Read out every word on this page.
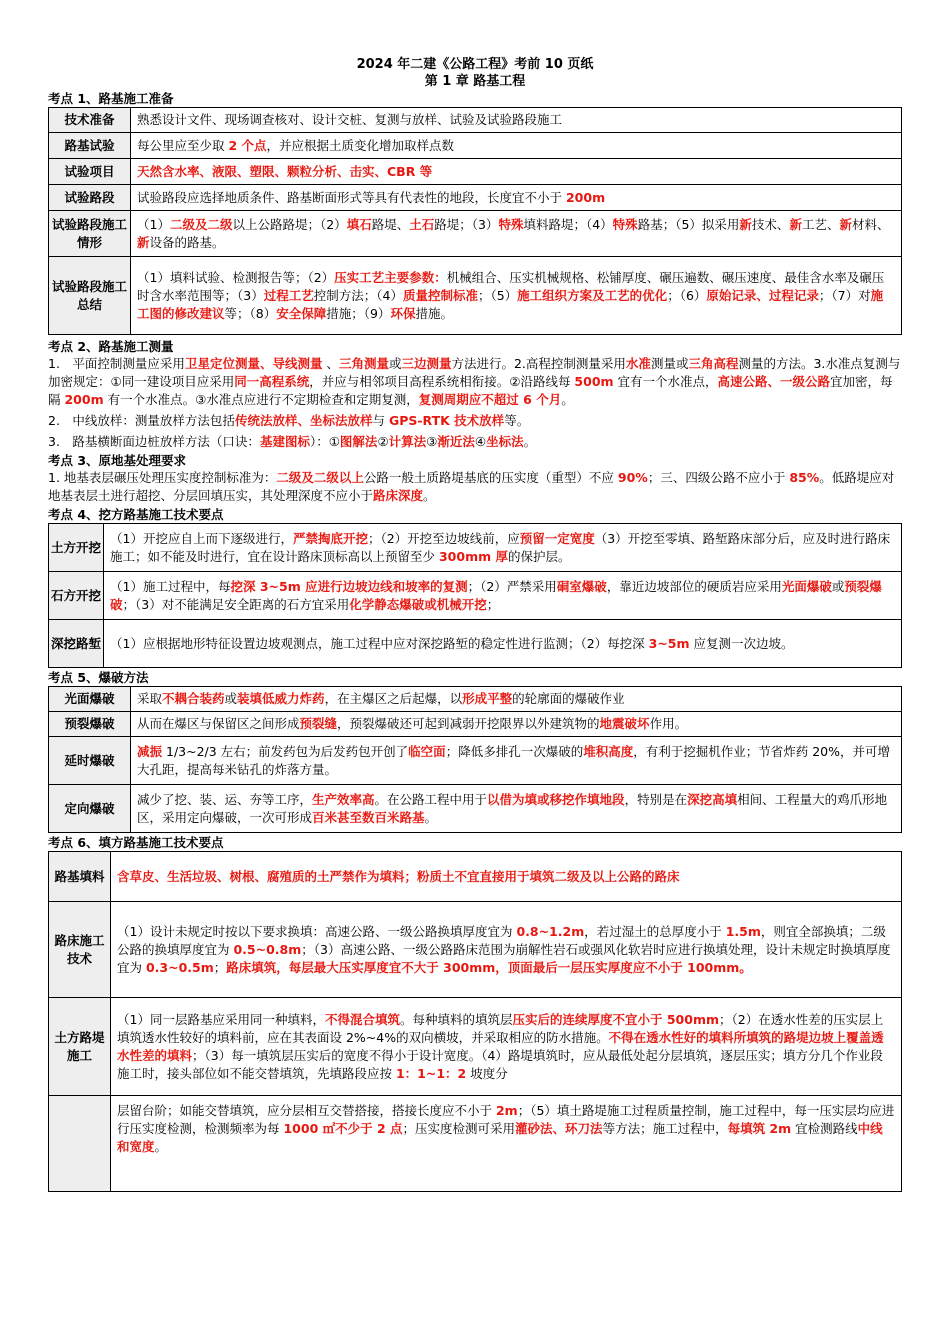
2024 年二建《公路工程》考前 10 页纸
第 1 章 路基工程
考点 1、路基施工准备
技术准备	熟悉设计文件、现场调查核对、设计交桩、复测与放样、试验及试验路段施工
路基试验	每公里应至少取 2 个点，并应根据土质变化增加取样点数
试验项目	天然含水率、液限、塑限、颗粒分析、击实、CBR 等
试验路段	试验路段应选择地质条件、路基断面形式等具有代表性的地段，长度宜不小于 200m
试验路段施工情形	（1）二级及二级以上公路路堤；（2）填石路堤、土石路堤；（3）特殊填料路堤；（4）特殊路基；（5）拟采用新技术、新工艺、新材料、新设备的路基。
试验路段施工总结	（1）填料试验、检测报告等；（2）压实工艺主要参数：机械组合、压实机械规格、松铺厚度、碾压遍数、碾压速度、最佳含水率及碾压时含水率范围等；（3）过程工艺控制方法；（4）质量控制标准；（5）施工组织方案及工艺的优化；（6）原始记录、过程记录；（7）对施工图的修改建议等；（8）安全保障措施；（9）环保措施。
考点 2、路基施工测量
1.　平面控制测量应采用卫星定位测量、导线测量 、三角测量或三边测量方法进行。2.高程控制测量采用水准测量或三角高程测量的方法。3.水准点复测与加密规定：①同一建设项目应采用同一高程系统，并应与相邻项目高程系统相衔接。②沿路线每 500m 宜有一个水准点，高速公路、一级公路宜加密，每隔 200m 有一个水准点。③水准点应进行不定期检查和定期复测，复测周期应不超过 6 个月。
2.　中线放样：测量放样方法包括传统法放样、坐标法放样与 GPS-RTK 技术放样等。
3.　路基横断面边桩放样方法（口诀：基建图标）：①图解法②计算法③渐近法④坐标法。
考点 3、原地基处理要求
1. 地基表层碾压处理压实度控制标准为：二级及二级以上公路一般土质路堤基底的压实度（重型）不应 90%；三、四级公路不应小于 85%。低路堤应对地基表层土进行超挖、分层回填压实，其处理深度不应小于路床深度。
考点 4、挖方路基施工技术要点
土方开挖	（1）开挖应自上而下逐级进行，严禁掏底开挖；（2）开挖至边坡线前，应预留一定宽度（3）开挖至零填、路堑路床部分后，应及时进行路床施工；如不能及时进行，宜在设计路床顶标高以上预留至少 300mm 厚的保护层。
石方开挖	（1）施工过程中，每挖深 3~5m 应进行边坡边线和坡率的复测；（2）严禁采用硐室爆破，靠近边坡部位的硬质岩应采用光面爆破或预裂爆破；（3）对不能满足安全距离的石方宜采用化学静态爆破或机械开挖；
深挖路堑	（1）应根据地形特征设置边坡观测点，施工过程中应对深挖路堑的稳定性进行监测；（2）每挖深 3~5m 应复测一次边坡。
考点 5、爆破方法
光面爆破	采取不耦合装药或装填低威力炸药，在主爆区之后起爆，以形成平整的轮廓面的爆破作业
预裂爆破	从而在爆区与保留区之间形成预裂缝，预裂爆破还可起到减弱开挖限界以外建筑物的地震破坏作用。
延时爆破	减振 1/3~2/3 左右；前发药包为后发药包开创了临空面；降低多排孔一次爆破的堆积高度，有利于挖掘机作业；节省炸药 20%，并可增大孔距，提高每米钻孔的炸落方量。
定向爆破	减少了挖、装、运、夯等工序，生产效率高。在公路工程中用于以借为填或移挖作填地段，特别是在深挖高填相间、工程量大的鸡爪形地区，采用定向爆破，一次可形成百米甚至数百米路基。
考点 6、填方路基施工技术要点
路基填料	含草皮、生活垃圾、树根、腐殖质的土严禁作为填料；粉质土不宜直接用于填筑二级及以上公路的路床
路床施工技术	（1）设计未规定时按以下要求换填：高速公路、一级公路换填厚度宜为 0.8~1.2m，若过湿土的总厚度小于 1.5m，则宜全部换填；二级公路的换填厚度宜为 0.5~0.8m；（3）高速公路、一级公路路床范围为崩解性岩石或强风化软岩时应进行换填处理，设计未规定时换填厚度宜为 0.3~0.5m；路床填筑，每层最大压实厚度宜不大于 300mm，顶面最后一层压实厚度应不小于 100mm。
土方路堤施工	（1）同一层路基应采用同一种填料，不得混合填筑。每种填料的填筑层压实后的连续厚度不宜小于 500mm；（2）在透水性差的压实层上填筑透水性较好的填料前，应在其表面设 2%~4%的双向横坡，并采取相应的防水措施。不得在透水性好的填料所填筑的路堤边坡上覆盖透水性差的填料；（3）每一填筑层压实后的宽度不得小于设计宽度。（4）路堤填筑时，应从最低处起分层填筑，逐层压实；填方分几个作业段施工时，接头部位如不能交替填筑，先填路段应按 1：1~1：2 坡度分
	层留台阶；如能交替填筑，应分层相互交替搭接，搭接长度应不小于 2m；（5）填土路堤施工过程质量控制，施工过程中，每一压实层均应进行压实度检测，检测频率为每 1000 ㎡不少于 2 点；压实度检测可采用灌砂法、环刀法等方法；施工过程中，每填筑 2m 宜检测路线中线和宽度。
